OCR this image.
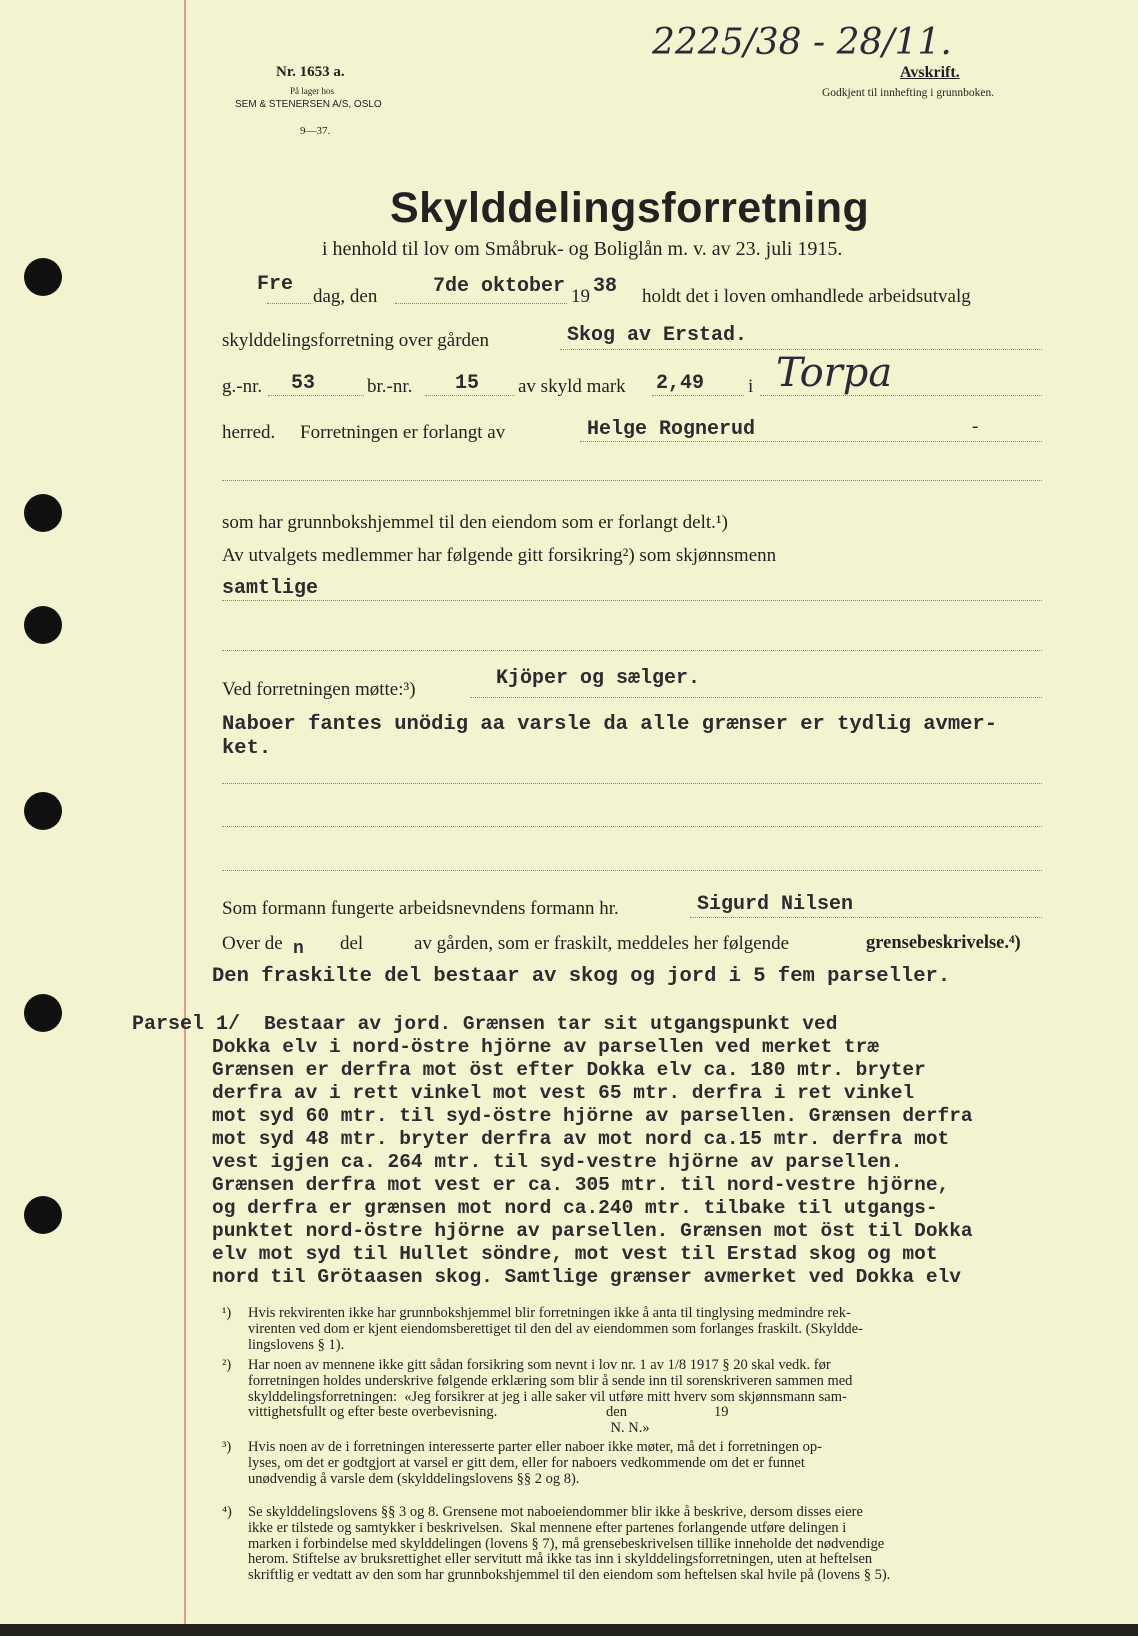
Nr. 1653 a.
På lager hos
SEM & STENERSEN A/S, OSLO
9—37.
2225/38 - 28/11.
Avskrift.
Godkjent til innhefting i grunnboken.
Skylddelingsforretning
i henhold til lov om Småbruk- og Boliglån m. v. av 23. juli 1915.
Fre
dag, den	7de oktober 19 38 holdt det i loven omhandlede arbeidsutvalg
skylddelingsforretning over gården	Skog av Erstad.
g.-nr. 53	br.-nr. 15 av skyld mark 2,49 i Torpa
herred. Forretningen er forlangt av	Helge Rognerud	-
som har grunnbokshjemmel til den eiendom som er forlangt delt.¹)
Av utvalgets medlemmer har følgende gitt forsikring²) som skjønnsmenn
samtlige
Ved forretningen møtte:³)	Kjöper og sælger.
Naboer fantes unödig aa varsle da alle grænser er tydlig avmer-
ket.
Som formann fungerte arbeidsnevndens formann hr.	Sigurd Nilsen
Over de n del	av gården, som er fraskilt, meddeles her følgende	grensebeskrivelse.⁴)
Den fraskilte del bestaar av skog og jord i 5 fem parseller.
Parsel 1/ Bestaar av jord. Grænsen tar sit utgangspunkt ved
Dokka elv i nord-östre hjörne av parsellen ved merket træ
Grænsen er derfra mot öst efter Dokka elv ca. 180 mtr. bryter
derfra av i rett vinkel mot vest 65 mtr. derfra i ret vinkel
mot syd 60 mtr. til syd-östre hjörne av parsellen. Grænsen derfra
mot syd 48 mtr. bryter derfra av mot nord ca.15 mtr. derfra mot
vest igjen ca. 264 mtr. til syd-vestre hjörne av parsellen.
Grænsen derfra mot vest er ca. 305 mtr. til nord-vestre hjörne,
og derfra er grænsen mot nord ca.240 mtr. tilbake til utgangs-
punktet nord-östre hjörne av parsellen. Grænsen mot öst til Dokka
elv mot syd til Hullet söndre, mot vest til Erstad skog og mot
nord til Grötaasen skog. Samtlige grænser avmerket ved Dokka elv
¹) Hvis rekvirenten ikke har grunnbokshjemmel blir forretningen ikke å anta til tinglysing medmindre rek-
virenten ved dom er kjent eiendomsberettiget til den del av eiendommen som forlanges fraskilt. (Skyldde-
lingslovens § 1).
²) Har noen av mennene ikke gitt sådan forsikring som nevnt i lov nr. 1 av 1/8 1917 § 20 skal vedk. før
forretningen holdes underskrive følgende erklæring som blir å sende inn til sorenskriveren sammen med
skylddelingsforretningen:  «Jeg forsikrer at jeg i alle saker vil utføre mitt hverv som skjønnsmann sam-
vittighetsfullt og efter beste overbevisning.                              den                        19
N. N.»
³) Hvis noen av de i forretningen interesserte parter eller naboer ikke møter, må det i forretningen op-
lyses, om det er godtgjort at varsel er gitt dem, eller for naboers vedkommende om det er funnet
unødvendig å varsle dem (skylddelingslovens §§ 2 og 8).
⁴) Se skylddelingslovens §§ 3 og 8. Grensene mot naboeiendommer blir ikke å beskrive, dersom disses eiere
ikke er tilstede og samtykker i beskrivelsen.  Skal mennene efter partenes forlangende utføre delingen i
marken i forbindelse med skylddelingen (lovens § 7), må grensebeskrivelsen tillike inneholde det nødvendige
herom. Stiftelse av bruksrettighet eller servitutt må ikke tas inn i skylddelingsforretningen, uten at heftelsen
skriftlig er vedtatt av den som har grunnbokshjemmel til den eiendom som heftelsen skal hvile på (lovens § 5).
